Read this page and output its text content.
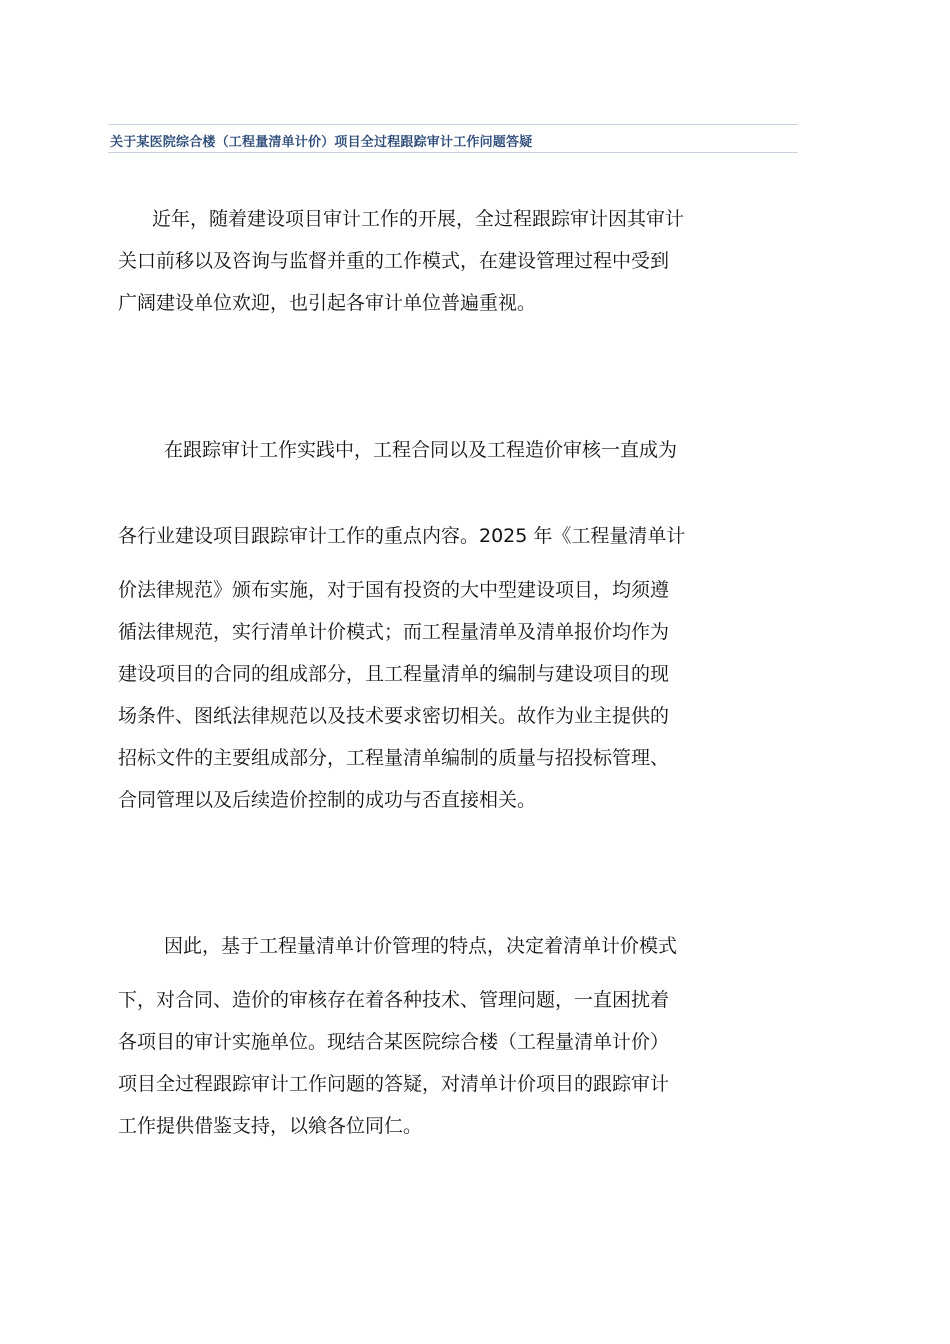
关于某医院综合楼（工程量清单计价）项目全过程跟踪审计工作问题答疑
近年，随着建设项目审计工作的开展，全过程跟踪审计因其审计
关口前移以及咨询与监督并重的工作模式，在建设管理过程中受到
广阔建设单位欢迎，也引起各审计单位普遍重视。
在跟踪审计工作实践中，工程合同以及工程造价审核一直成为
各行业建设项目跟踪审计工作的重点内容。2025 年《工程量清单计
价法律规范》颁布实施，对于国有投资的大中型建设项目，均须遵
循法律规范，实行清单计价模式；而工程量清单及清单报价均作为
建设项目的合同的组成部分，且工程量清单的编制与建设项目的现
场条件、图纸法律规范以及技术要求密切相关。故作为业主提供的
招标文件的主要组成部分，工程量清单编制的质量与招投标管理、
合同管理以及后续造价控制的成功与否直接相关。
因此，基于工程量清单计价管理的特点，决定着清单计价模式
下，对合同、造价的审核存在着各种技术、管理问题，一直困扰着
各项目的审计实施单位。现结合某医院综合楼（工程量清单计价）
项目全过程跟踪审计工作问题的答疑，对清单计价项目的跟踪审计
工作提供借鉴支持，以飨各位同仁。
